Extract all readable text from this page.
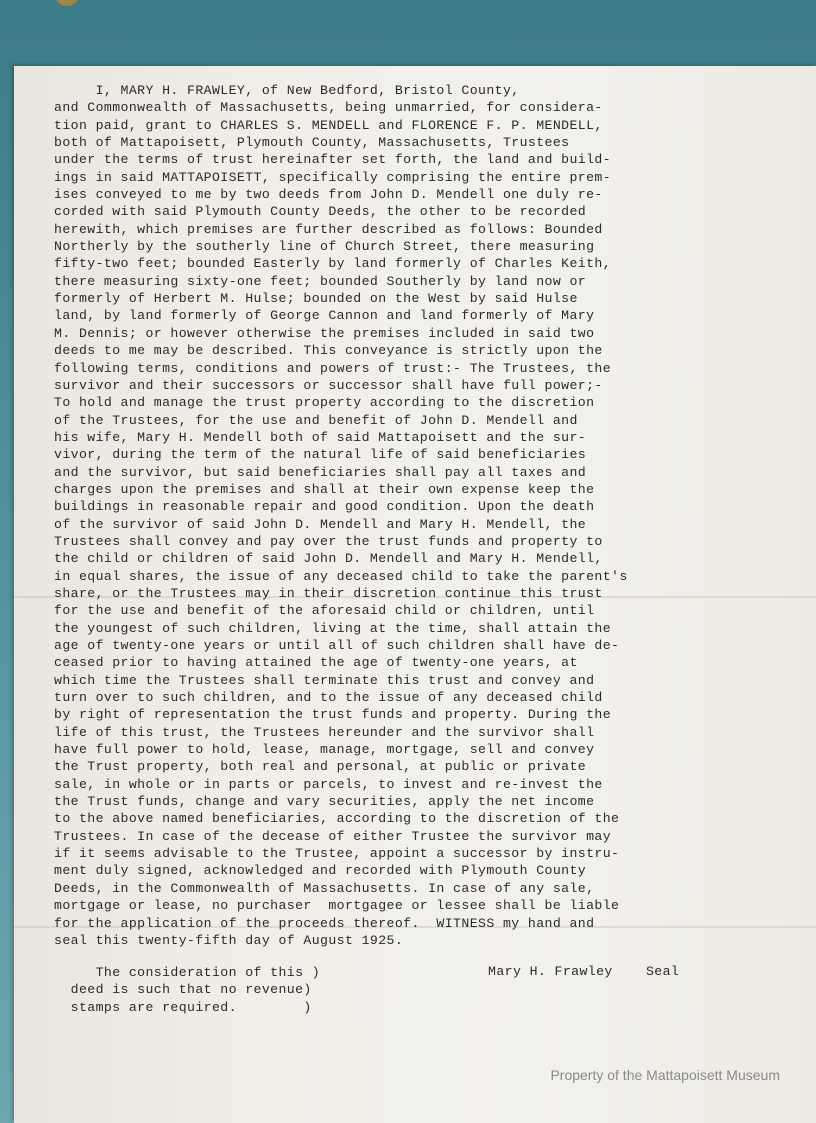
I, MARY H. FRAWLEY, of New Bedford, Bristol County,
and Commonwealth of Massachusetts, being unmarried, for considera-
tion paid, grant to CHARLES S. MENDELL and FLORENCE F. P. MENDELL,
both of Mattapoisett, Plymouth County, Massachusetts, Trustees
under the terms of trust hereinafter set forth, the land and build-
ings in said MATTAPOISETT, specifically comprising the entire prem-
ises conveyed to me by two deeds from John D. Mendell one duly re-
corded with said Plymouth County Deeds, the other to be recorded
herewith, which premises are further described as follows: Bounded
Northerly by the southerly line of Church Street, there measuring
fifty-two feet; bounded Easterly by land formerly of Charles Keith,
there measuring sixty-one feet; bounded Southerly by land now or
formerly of Herbert M. Hulse; bounded on the West by said Hulse
land, by land formerly of George Cannon and land formerly of Mary
M. Dennis; or however otherwise the premises included in said two
deeds to me may be described. This conveyance is strictly upon the
following terms, conditions and powers of trust:- The Trustees, the
survivor and their successors or successor shall have full power;-
To hold and manage the trust property according to the discretion
of the Trustees, for the use and benefit of John D. Mendell and
his wife, Mary H. Mendell both of said Mattapoisett and the sur-
vivor, during the term of the natural life of said beneficiaries
and the survivor, but said beneficiaries shall pay all taxes and
charges upon the premises and shall at their own expense keep the
buildings in reasonable repair and good condition. Upon the death
of the survivor of said John D. Mendell and Mary H. Mendell, the
Trustees shall convey and pay over the trust funds and property to
the child or children of said John D. Mendell and Mary H. Mendell,
in equal shares, the issue of any deceased child to take the parent's
share, or the Trustees may in their discretion continue this trust
for the use and benefit of the aforesaid child or children, until
the youngest of such children, living at the time, shall attain the
age of twenty-one years or until all of such children shall have de-
ceased prior to having attained the age of twenty-one years, at
which time the Trustees shall terminate this trust and convey and
turn over to such children, and to the issue of any deceased child
by right of representation the trust funds and property. During the
life of this trust, the Trustees hereunder and the survivor shall
have full power to hold, lease, manage, mortgage, sell and convey
the Trust property, both real and personal, at public or private
sale, in whole or in parts or parcels, to invest and re-invest the
the Trust funds, change and vary securities, apply the net income
to the above named beneficiaries, according to the discretion of the
Trustees. In case of the decease of either Trustee the survivor may
if it seems advisable to the Trustee, appoint a successor by instru-
ment duly signed, acknowledged and recorded with Plymouth County
Deeds, in the Commonwealth of Massachusetts. In case of any sale,
mortgage or lease, no purchaser  mortgagee or lessee shall be liable
for the application of the proceeds thereof.  WITNESS my hand and
seal this twenty-fifth day of August 1925.
The consideration of this )
deed is such that no revenue)
stamps are required.        )
Mary H. Frawley    Seal
Property of the Mattapoisett Museum
